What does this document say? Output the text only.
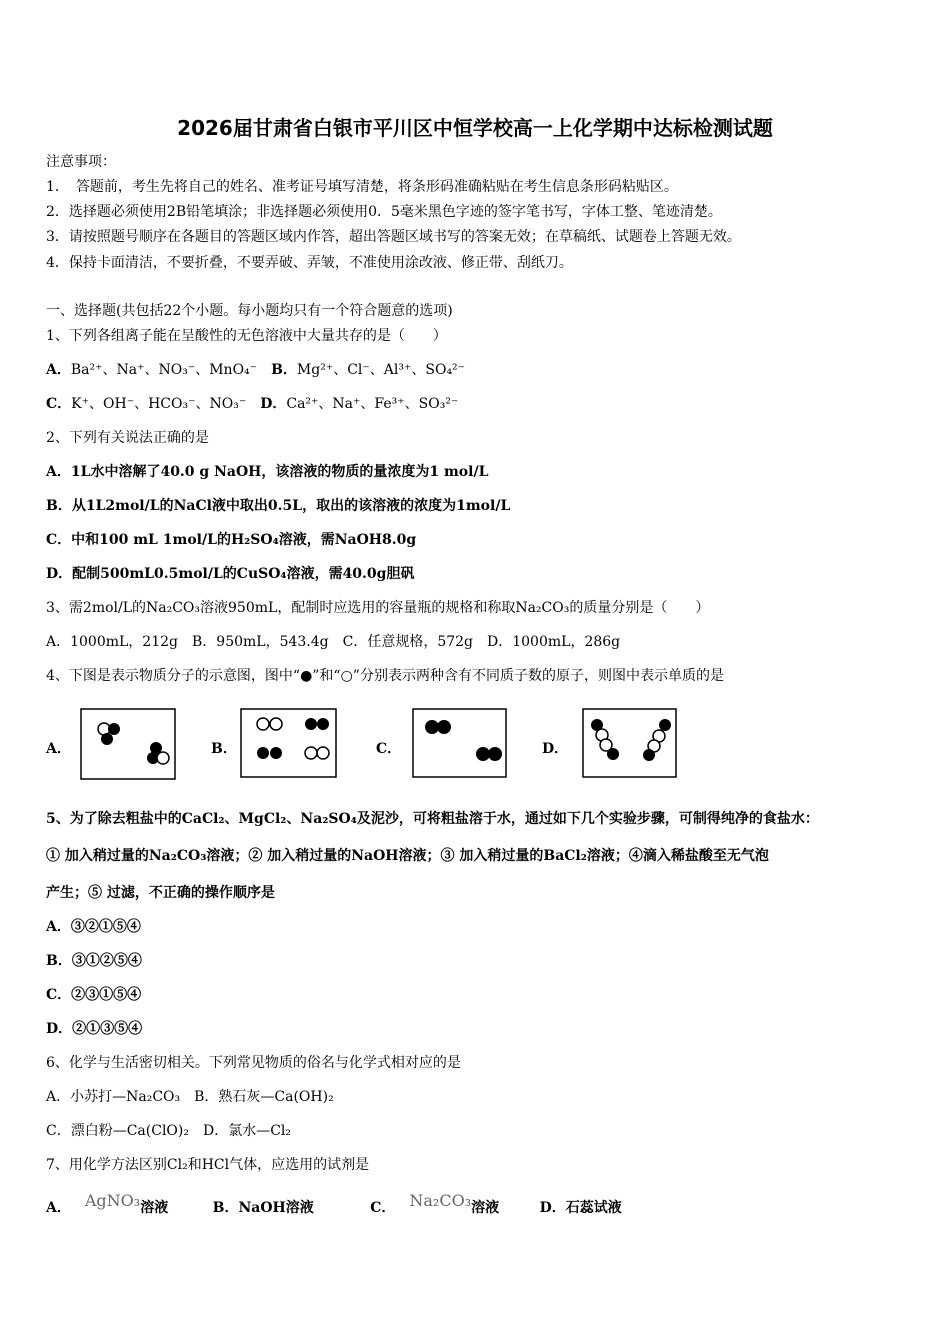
2026届甘肃省白银市平川区中恒学校高一上化学期中达标检测试题
注意事项：
1．　答题前，考生先将自己的姓名、准考证号填写清楚，将条形码准确粘贴在考生信息条形码粘贴区。
2．选择题必须使用2B铅笔填涂；非选择题必须使用0．5毫米黑色字迹的签字笔书写，字体工整、笔迹清楚。
3．请按照题号顺序在各题目的答题区域内作答，超出答题区域书写的答案无效；在草稿纸、试题卷上答题无效。
4．保持卡面清洁，不要折叠，不要弄破、弄皱，不准使用涂改液、修正带、刮纸刀。
一、选择题(共包括22个小题。每小题均只有一个符合题意的选项)
1、下列各组离子能在呈酸性的无色溶液中大量共存的是（　　）
A．Ba²⁺、Na⁺、NO₃⁻、MnO₄⁻　 B．Mg²⁺、Cl⁻、Al³⁺、SO₄²⁻
C．K⁺、OH⁻、HCO₃⁻、NO₃⁻　 D．Ca²⁺、Na⁺、Fe³⁺、SO₃²⁻
2、下列有关说法正确的是
A．1L水中溶解了40.0 g NaOH，该溶液的物质的量浓度为1 mol/L
B．从1L2mol/L的NaCl液中取出0.5L，取出的该溶液的浓度为1mol/L
C．中和100 mL 1mol/L的H₂SO₄溶液，需NaOH8.0g
D．配制500mL0.5mol/L的CuSO₄溶液，需40.0g胆矾
3、需2mol/L的Na₂CO₃溶液950mL，配制时应选用的容量瓶的规格和称取Na₂CO₃的质量分别是（　　）
A．1000mL，212g　B．950mL，543.4g　C．任意规格，572g　D．1000mL，286g
4、下图是表示物质分子的示意图，图中“●”和“○”分别表示两种含有不同质子数的原子，则图中表示单质的是
A．	B．	C．	D．
5、为了除去粗盐中的CaCl₂、MgCl₂、Na₂SO₄及泥沙，可将粗盐溶于水，通过如下几个实验步骤，可制得纯净的食盐水：
① 加入稍过量的Na₂CO₃溶液；② 加入稍过量的NaOH溶液；③ 加入稍过量的BaCl₂溶液；④滴入稀盐酸至无气泡
产生；⑤ 过滤，不正确的操作顺序是
A．③②①⑤④
B．③①②⑤④
C．②③①⑤④
D．②①③⑤④
6、化学与生活密切相关。下列常见物质的俗名与化学式相对应的是
A．小苏打—Na₂CO₃　B．熟石灰—Ca(OH)₂
C．漂白粉—Ca(ClO)₂　D．氯水—Cl₂
7、用化学方法区别Cl₂和HCl气体，应选用的试剂是
A． AgNO₃溶液	B．NaOH溶液	C． Na₂CO₃溶液	D．石蕊试液
